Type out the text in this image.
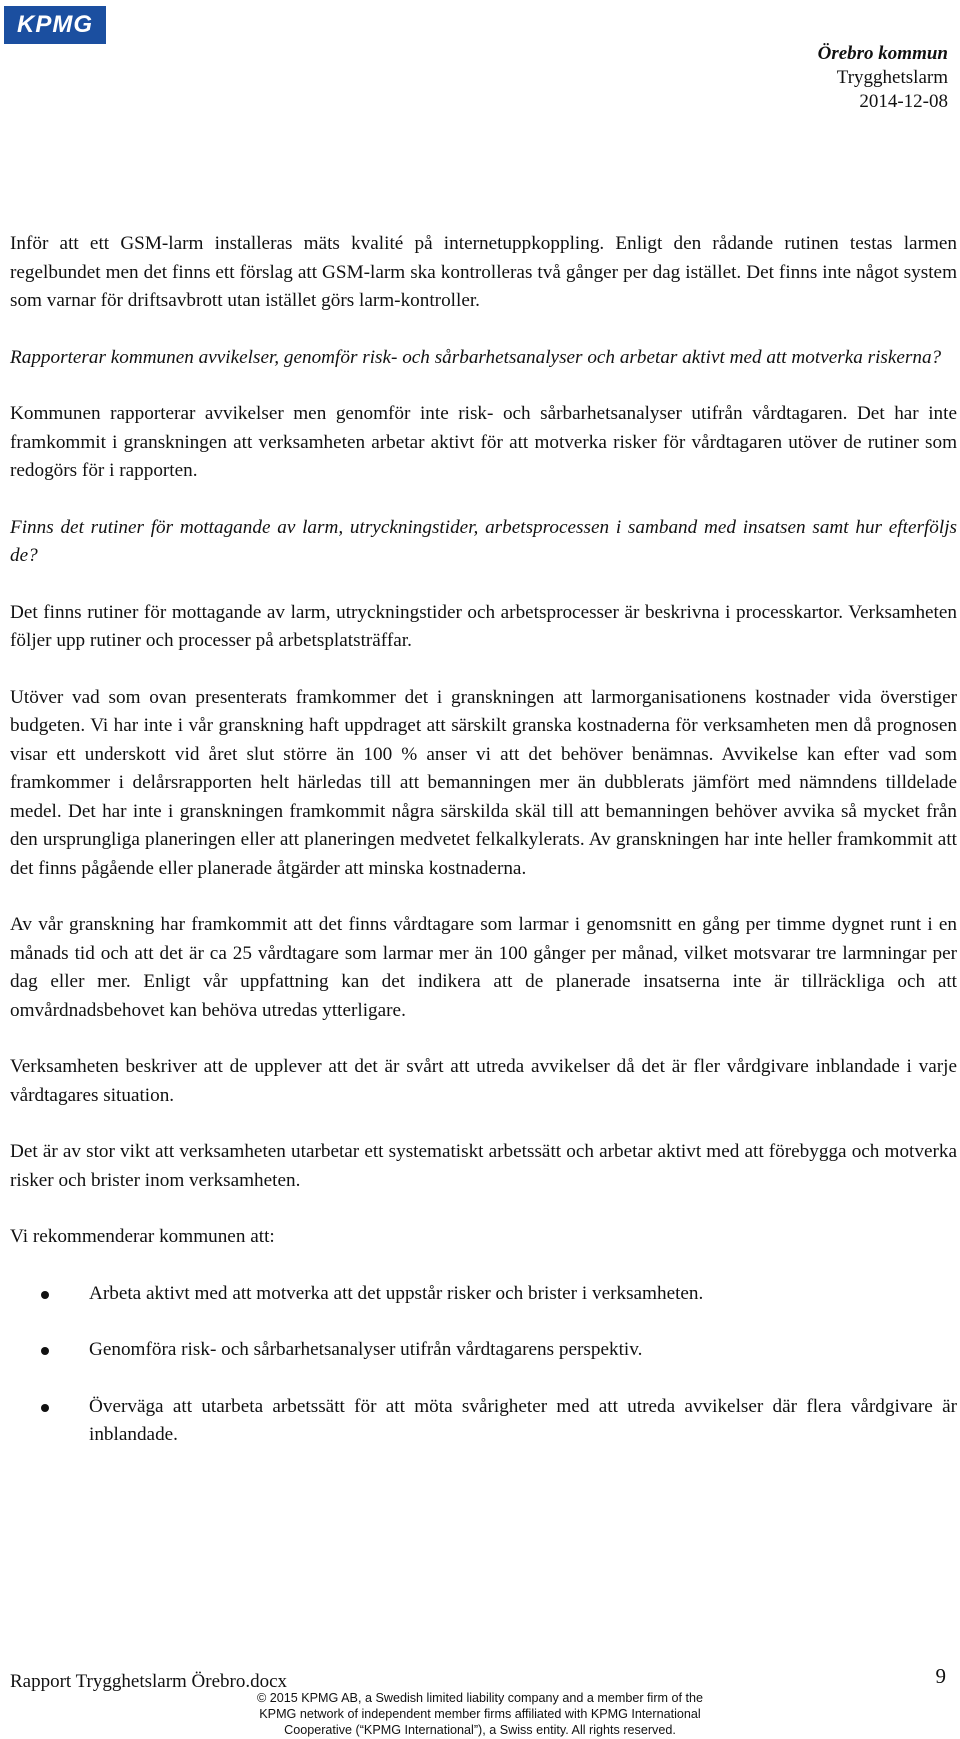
KPMG
Örebro kommun
Trygghetslarm
2014-12-08

Inför att ett GSM-larm installeras mäts kvalité på internetuppkoppling. Enligt den rådande rutinen testas larmen regelbundet men det finns ett förslag att GSM-larm ska kontrolleras två gånger per dag istället. Det finns inte något system som varnar för driftsavbrott utan istället görs larm-kontroller.

Rapporterar kommunen avvikelser, genomför risk- och sårbarhetsanalyser och arbetar aktivt med att motverka riskerna?

Kommunen rapporterar avvikelser men genomför inte risk- och sårbarhetsanalyser utifrån vårdtagaren. Det har inte framkommit i granskningen att verksamheten arbetar aktivt för att motverka risker för vårdtagaren utöver de rutiner som redogörs för i rapporten.

Finns det rutiner för mottagande av larm, utryckningstider, arbetsprocessen i samband med insatsen samt hur efterföljs de?

Det finns rutiner för mottagande av larm, utryckningstider och arbetsprocesser är beskrivna i processkartor. Verksamheten följer upp rutiner och processer på arbetsplatsträffar.

Utöver vad som ovan presenterats framkommer det i granskningen att larmorganisationens kostnader vida överstiger budgeten. Vi har inte i vår granskning haft uppdraget att särskilt granska kostnaderna för verksamheten men då prognosen visar ett underskott vid året slut större än 100 % anser vi att det behöver benämnas. Avvikelse kan efter vad som framkommer i delårsrapporten helt härledas till att bemanningen mer än dubblerats jämfört med nämndens tilldelade medel. Det har inte i granskningen framkommit några särskilda skäl till att bemanningen behöver avvika så mycket från den ursprungliga planeringen eller att planeringen medvetet felkalkylerats. Av granskningen har inte heller framkommit att det finns pågående eller planerade åtgärder att minska kostnaderna.

Av vår granskning har framkommit att det finns vårdtagare som larmar i genomsnitt en gång per timme dygnet runt i en månads tid och att det är ca 25 vårdtagare som larmar mer än 100 gånger per månad, vilket motsvarar tre larmningar per dag eller mer. Enligt vår uppfattning kan det indikera att de planerade insatserna inte är tillräckliga och att omvårdnadsbehovet kan behöva utredas ytterligare.

Verksamheten beskriver att de upplever att det är svårt att utreda avvikelser då det är fler vårdgivare inblandade i varje vårdtagares situation.

Det är av stor vikt att verksamheten utarbetar ett systematiskt arbetssätt och arbetar aktivt med att förebygga och motverka risker och brister inom verksamheten.

Vi rekommenderar kommunen att:

Arbeta aktivt med att motverka att det uppstår risker och brister i verksamheten.
Genomföra risk- och sårbarhetsanalyser utifrån vårdtagarens perspektiv.
Överväga att utarbeta arbetssätt för att möta svårigheter med att utreda avvikelser där flera vårdgivare är inblandade.
Rapport Trygghetslarm Örebro.docx	9
© 2015 KPMG AB, a Swedish limited liability company and a member firm of the
KPMG network of independent member firms affiliated with KPMG International
Cooperative (“KPMG International”), a Swiss entity. All rights reserved.
